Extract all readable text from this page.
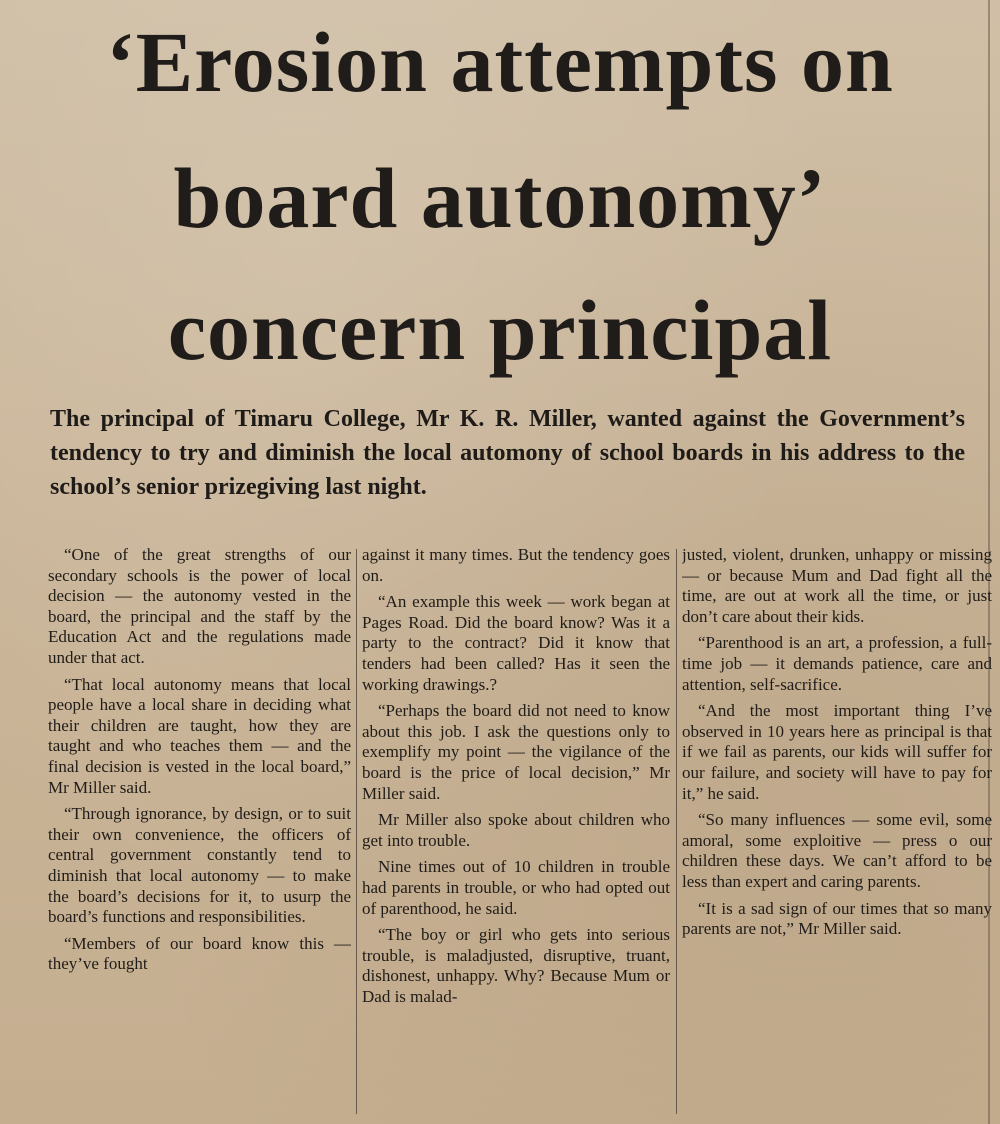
‘Erosion attempts on
board autonomy’
concern principal
The principal of Timaru College, Mr K. R. Miller, wanted against the Government’s tendency to try and diminish the local automony of school boards in his address to the school’s senior prizegiving last night.

“One of the great strengths of our secondary schools is the power of local decision — the autonomy vested in the board, the principal and the staff by the Education Act and the regulations made under that act.

“That local autonomy means that local people have a local share in deciding what their children are taught, how they are taught and who teaches them — and the final decision is vested in the local board,” Mr Miller said.

“Through ignorance, by design, or to suit their own convenience, the officers of central government constantly tend to diminish that local autonomy — to make the board’s decisions for it, to usurp the board’s functions and responsibilities.

“Members of our board know this — they’ve fought

against it many times. But the tendency goes on.

“An example this week — work began at Pages Road. Did the board know? Was it a party to the contract? Did it know that tenders had been called? Has it seen the working drawings.?

“Perhaps the board did not need to know about this job. I ask the questions only to exemplify my point — the vigilance of the board is the price of local decision,” Mr Miller said.

Mr Miller also spoke about children who get into trouble.

Nine times out of 10 children in trouble had parents in trouble, or who had opted out of parenthood, he said.

“The boy or girl who gets into serious trouble, is maladjusted, disruptive, truant, dishonest, unhappy. Why? Because Mum or Dad is malad-

justed, violent, drunken, unhappy or missing — or because Mum and Dad fight all the time, are out at work all the time, or just don’t care about their kids.

“Parenthood is an art, a profession, a full-time job — it demands patience, care and attention, self-sacrifice.

“And the most important thing I’ve observed in 10 years here as principal is that if we fail as parents, our kids will suffer for our failure, and society will have to pay for it,” he said.

“So many influences — some evil, some amoral, some exploitive — press o our children these days. We can’t afford to be less than expert and caring parents.

“It is a sad sign of our times that so many parents are not,” Mr Miller said.
